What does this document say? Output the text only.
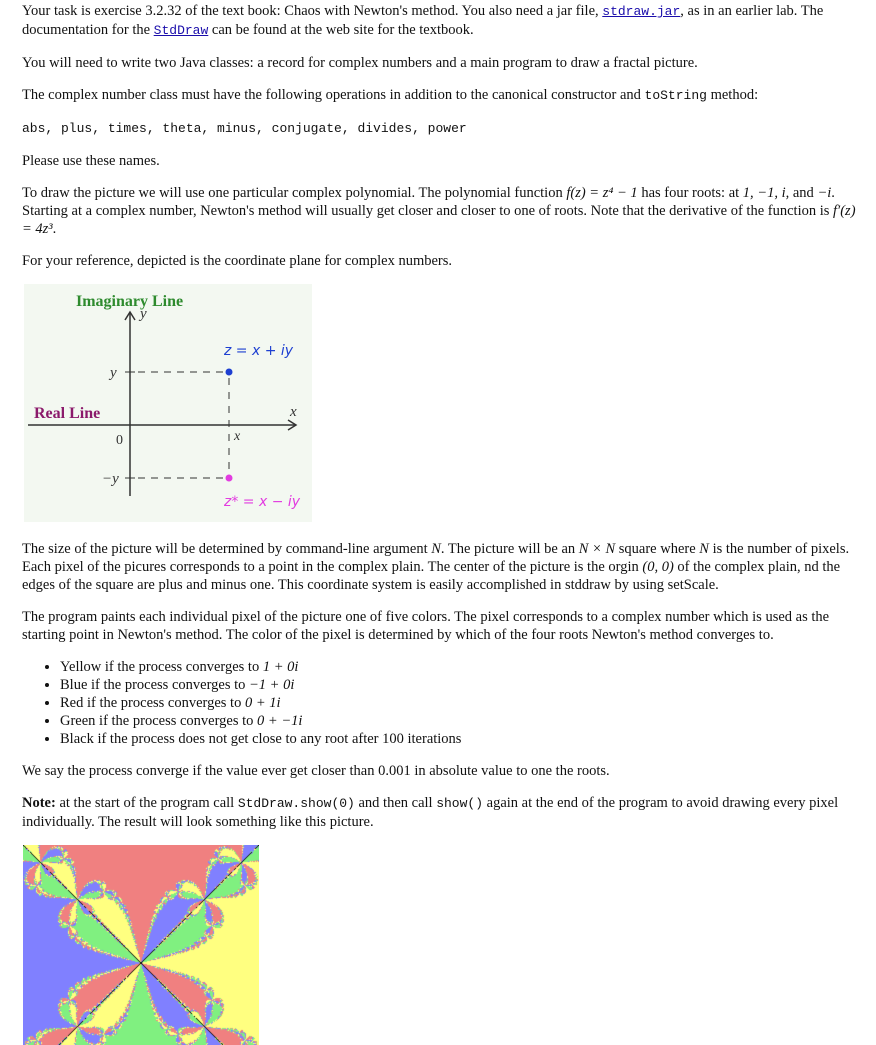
Your task is exercise 3.2.32 of the text book: Chaos with Newton's method. You also need a jar file, stdraw.jar, as in an earlier lab. The documentation for the StdDraw can be found at the web site for the textbook.

You will need to write two Java classes: a record for complex numbers and a main program to draw a fractal picture.

The complex number class must have the following operations in addition to the canonical constructor and toString method:

abs, plus, times, theta, minus, conjugate, divides, power

Please use these names.

To draw the picture we will use one particular complex polynomial. The polynomial function f(z) = z⁴ − 1 has four roots: at 1, −1, i, and −i. Starting at a complex number, Newton's method will usually get closer and closer to one of roots. Note that the derivative of the function is f′(z) = 4z³.

For your reference, depicted is the coordinate plane for complex numbers.

Imaginary Line
Real Line
y
x
y
−y
0	x
z = x + iy
z* = x − iy

The size of the picture will be determined by command-line argument N. The picture will be an N × N square where N is the number of pixels. Each pixel of the picures corresponds to a point in the complex plain. The center of the picture is the orgin (0, 0) of the complex plain, nd the edges of the square are plus and minus one. This coordinate system is easily accomplished in stddraw by using setScale.

The program paints each individual pixel of the picture one of five colors. The pixel corresponds to a complex number which is used as the starting point in Newton's method. The color of the pixel is determined by which of the four roots Newton's method converges to.

• Yellow if the process converges to 1 + 0i
• Blue if the process converges to −1 + 0i
• Red if the process converges to 0 + 1i
• Green if the process converges to 0 + −1i
• Black if the process does not get close to any root after 100 iterations

We say the process converge if the value ever get closer than 0.001 in absolute value to one the roots.

Note: at the start of the program call StdDraw.show(0) and then call show() again at the end of the program to avoid drawing every pixel individually. The result will look something like this picture.
